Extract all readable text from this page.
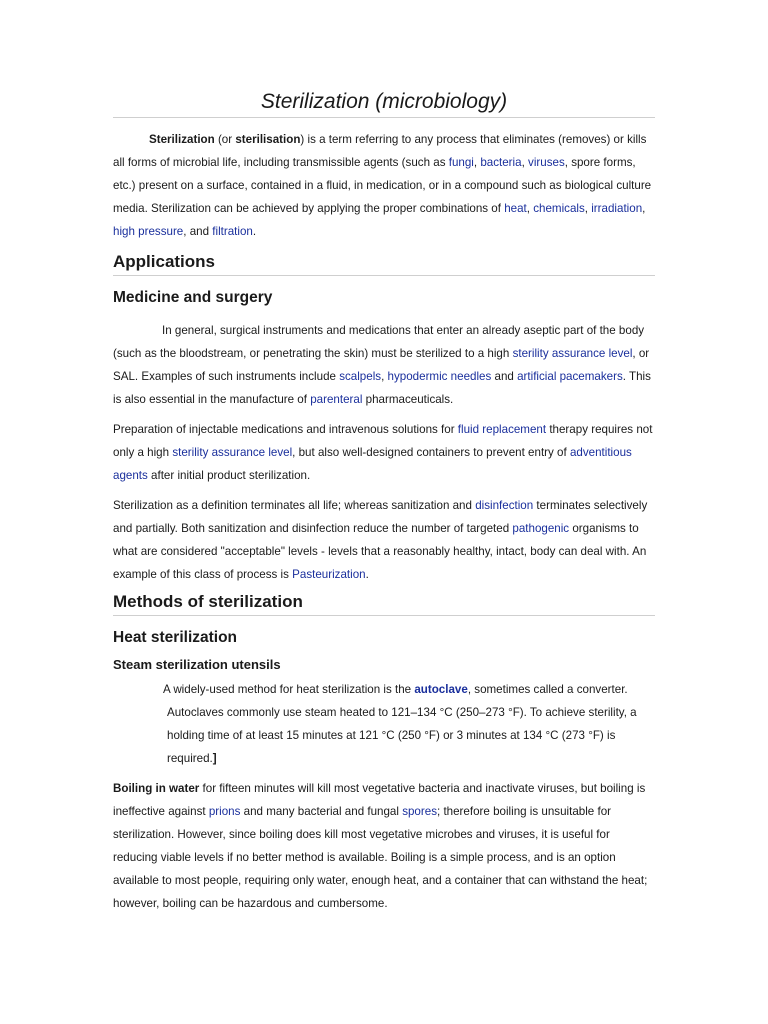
Sterilization (microbiology)

Sterilization (or sterilisation) is a term referring to any process that eliminates (removes) or kills all forms of microbial life, including transmissible agents (such as fungi, bacteria, viruses, spore forms, etc.) present on a surface, contained in a fluid, in medication, or in a compound such as biological culture media. Sterilization can be achieved by applying the proper combinations of heat, chemicals, irradiation, high pressure, and filtration.

Applications
Medicine and surgery

In general, surgical instruments and medications that enter an already aseptic part of the body (such as the bloodstream, or penetrating the skin) must be sterilized to a high sterility assurance level, or SAL. Examples of such instruments include scalpels, hypodermic needles and artificial pacemakers. This is also essential in the manufacture of parenteral pharmaceuticals.

Preparation of injectable medications and intravenous solutions for fluid replacement therapy requires not only a high sterility assurance level, but also well-designed containers to prevent entry of adventitious agents after initial product sterilization.

Sterilization as a definition terminates all life; whereas sanitization and disinfection terminates selectively and partially. Both sanitization and disinfection reduce the number of targeted pathogenic organisms to what are considered "acceptable" levels - levels that a reasonably healthy, intact, body can deal with. An example of this class of process is Pasteurization.

Methods of sterilization
Heat sterilization
Steam sterilization utensils

A widely-used method for heat sterilization is the autoclave, sometimes called a converter.

Autoclaves commonly use steam heated to 121–134 °C (250–273 °F). To achieve sterility, a holding time of at least 15 minutes at 121 °C (250 °F) or 3 minutes at 134 °C (273 °F) is required.]

Boiling in water for fifteen minutes will kill most vegetative bacteria and inactivate viruses, but boiling is ineffective against prions and many bacterial and fungal spores; therefore boiling is unsuitable for sterilization. However, since boiling does kill most vegetative microbes and viruses, it is useful for reducing viable levels if no better method is available. Boiling is a simple process, and is an option available to most people, requiring only water, enough heat, and a container that can withstand the heat; however, boiling can be hazardous and cumbersome.
